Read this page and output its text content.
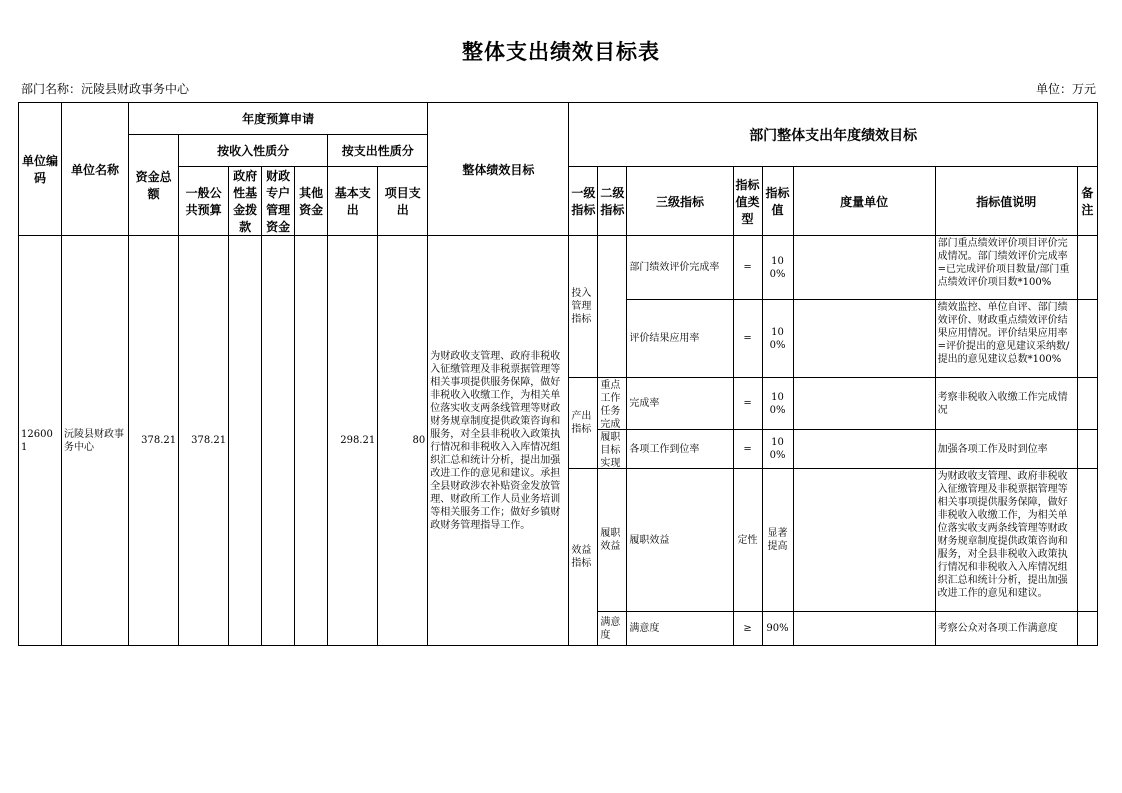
整体支出绩效目标表
部门名称：沅陵县财政事务中心	单位：万元
单位编码	单位名称	年度预算申请							整体绩效目标	部门整体支出年度绩效目标							
		资金总额	按收入性质分				按支出性质分										
			一般公共预算	政府性基金拨款	财政专户管理资金	其他资金	基本支出	项目支出		一级指标	二级指标	三级指标	指标值类型	指标值	度量单位	指标值说明	备注
126001	沅陵县财政事务中心	378.21	378.21				298.21	80	为财政收支管理、政府非税收入征缴管理及非税票据管理等相关事项提供服务保障，做好非税收入收缴工作，为相关单位落实收支两条线管理等财政财务规章制度提供政策咨询和服务，对全县非税收入政策执行情况和非税收入入库情况组织汇总和统计分析，提出加强改进工作的意见和建议。承担全县财政涉农补贴资金发放管理、财政所工作人员业务培训等相关服务工作；做好乡镇财政财务管理指导工作。	投入管理指标		部门绩效评价完成率	=	100%		部门重点绩效评价项目评价完成情况。部门绩效评价完成率=已完成评价项目数量/部门重点绩效评价项目数*100%	

												评价结果应用率	=	100%		绩效监控、单位自评、部门绩效评价、财政重点绩效评价结果应用情况。评价结果应用率=评价提出的意见建议采纳数/提出的意见建议总数*100%	

										产出指标	重点工作任务完成	完成率	=	100%		考察非税收入收缴工作完成情况	

											履职目标实现	各项工作到位率	=	100%		加强各项工作及时到位率	
										效益指标	履职效益	履职效益	定性	显著提高		为财政收支管理、政府非税收入征缴管理及非税票据管理等相关事项提供服务保障，做好非税收入收缴工作，为相关单位落实收支两条线管理等财政财务规章制度提供政策咨询和服务，对全县非税收入政策执行情况和非税收入入库情况组织汇总和统计分析，提出加强改进工作的意见和建议。	

											满意度	满意度	≥	90%		考察公众对各项工作满意度	
